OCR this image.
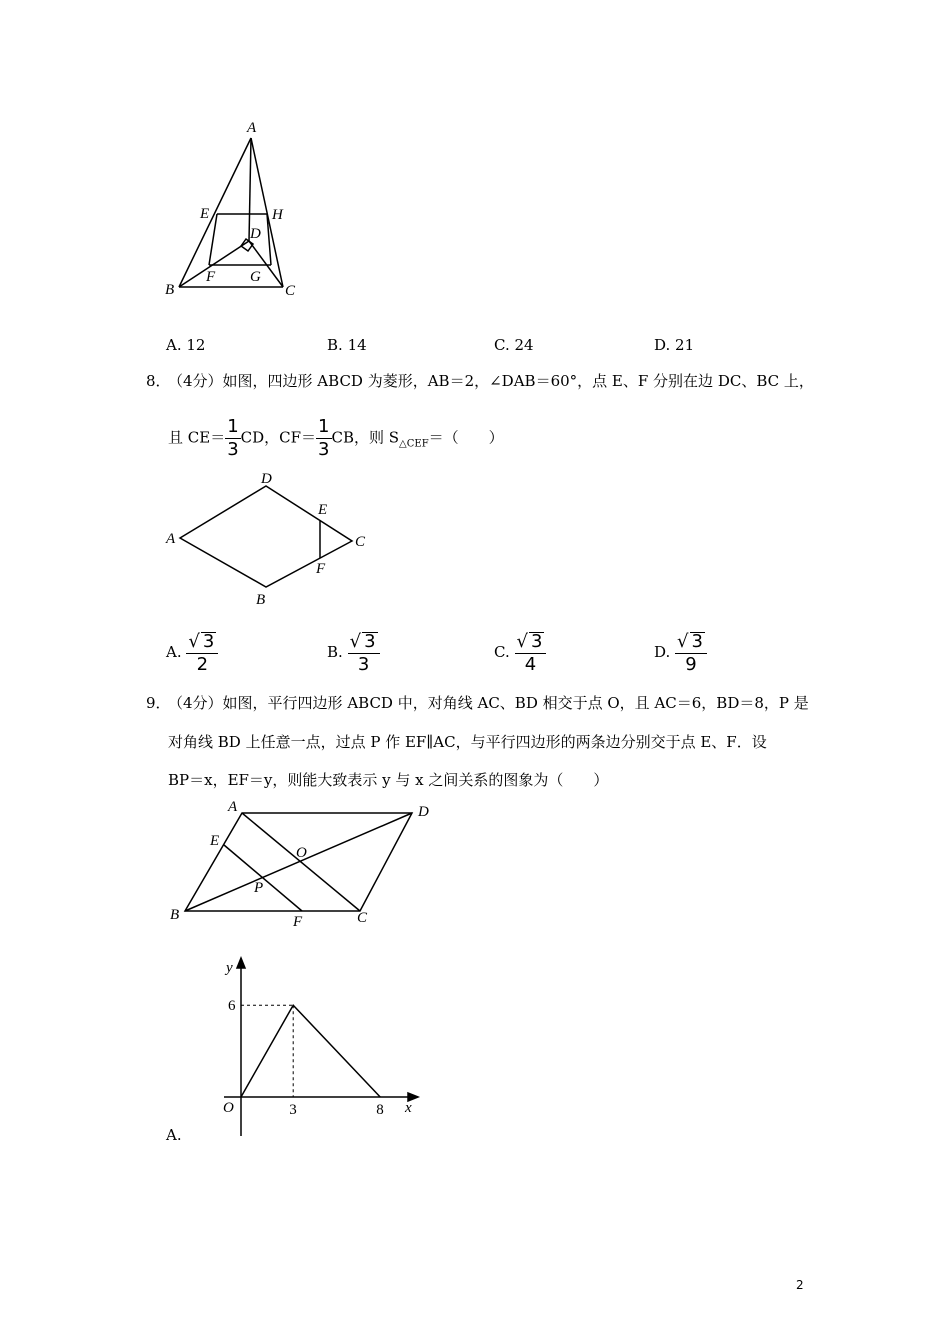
A
E	H
D
B
F G
C
A. 12	B. 14	C. 24	D. 21
8．
（4分）如图，四边形 ABCD 为菱形，AB＝2，∠DAB＝60°，点 E、F 分别在边 DC、BC 上，
且 $CE= \frac{1}{3}$ CD，$CF= \frac{1}{3}$ CB，则 $S_{\triangle CEF}=$（　　）
D
E
A	C
F
B
A. $\frac{√ 3}{2}$	B. $\frac{√ 3}{3}$	C. $\frac{√ 3}{4}$	D. $\frac{√ 3}{9}$
9．
（4分）如图，平行四边形 ABCD 中，对角线 AC、BD 相交于点 O，且 AC＝6，BD＝8，P 是
对角线 BD 上任意一点，过点 P 作 EF∥AC，与平行四边形的两条边分别交于点 E、F．设
BP＝x，EF＝y，则能大致表示 y 与 x 之间关系的图象为（　　）
A	D
E
O
P
B	F	C
y
x
O	3	8
6
A.
2
